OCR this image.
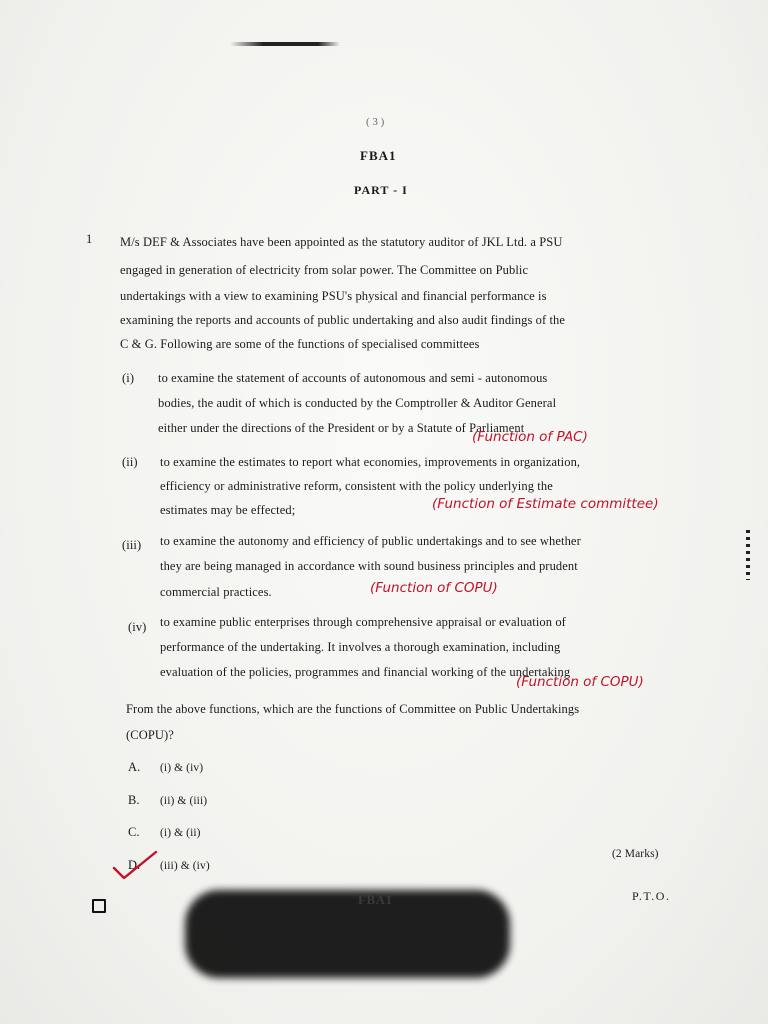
( 3 )
FBA1
PART - I
1 M/s DEF & Associates have been appointed as the statutory auditor of JKL Ltd. a PSU
engaged in generation of electricity from solar power. The Committee on Public
undertakings with a view to examining PSU's physical and financial performance is
examining the reports and accounts of public undertaking and also audit findings of the
C & G. Following are some of the functions of specialised committees
(i) to examine the statement of accounts of autonomous and semi - autonomous
bodies, the audit of which is conducted by the Comptroller & Auditor General
either under the directions of the President or by a Statute of Parliament
(Function of PAC)
(ii) to examine the estimates to report what economies, improvements in organization,
efficiency or administrative reform, consistent with the policy underlying the
estimates may be effected;	(Function of Estimate committee)
(iii) to examine the autonomy and efficiency of public undertakings and to see whether
they are being managed in accordance with sound business principles and prudent
commercial practices.	(Function of COPU)
(iv) to examine public enterprises through comprehensive appraisal or evaluation of
performance of the undertaking. It involves a thorough examination, including
evaluation of the policies, programmes and financial working of the undertaking
(Function of COPU)
From the above functions, which are the functions of Committee on Public Undertakings
(COPU)?
A. (i) & (iv)
B. (ii) & (iii)
C. (i) & (ii)
D. (iii) & (iv)
(2 Marks)
FBA1	P.T.O.
